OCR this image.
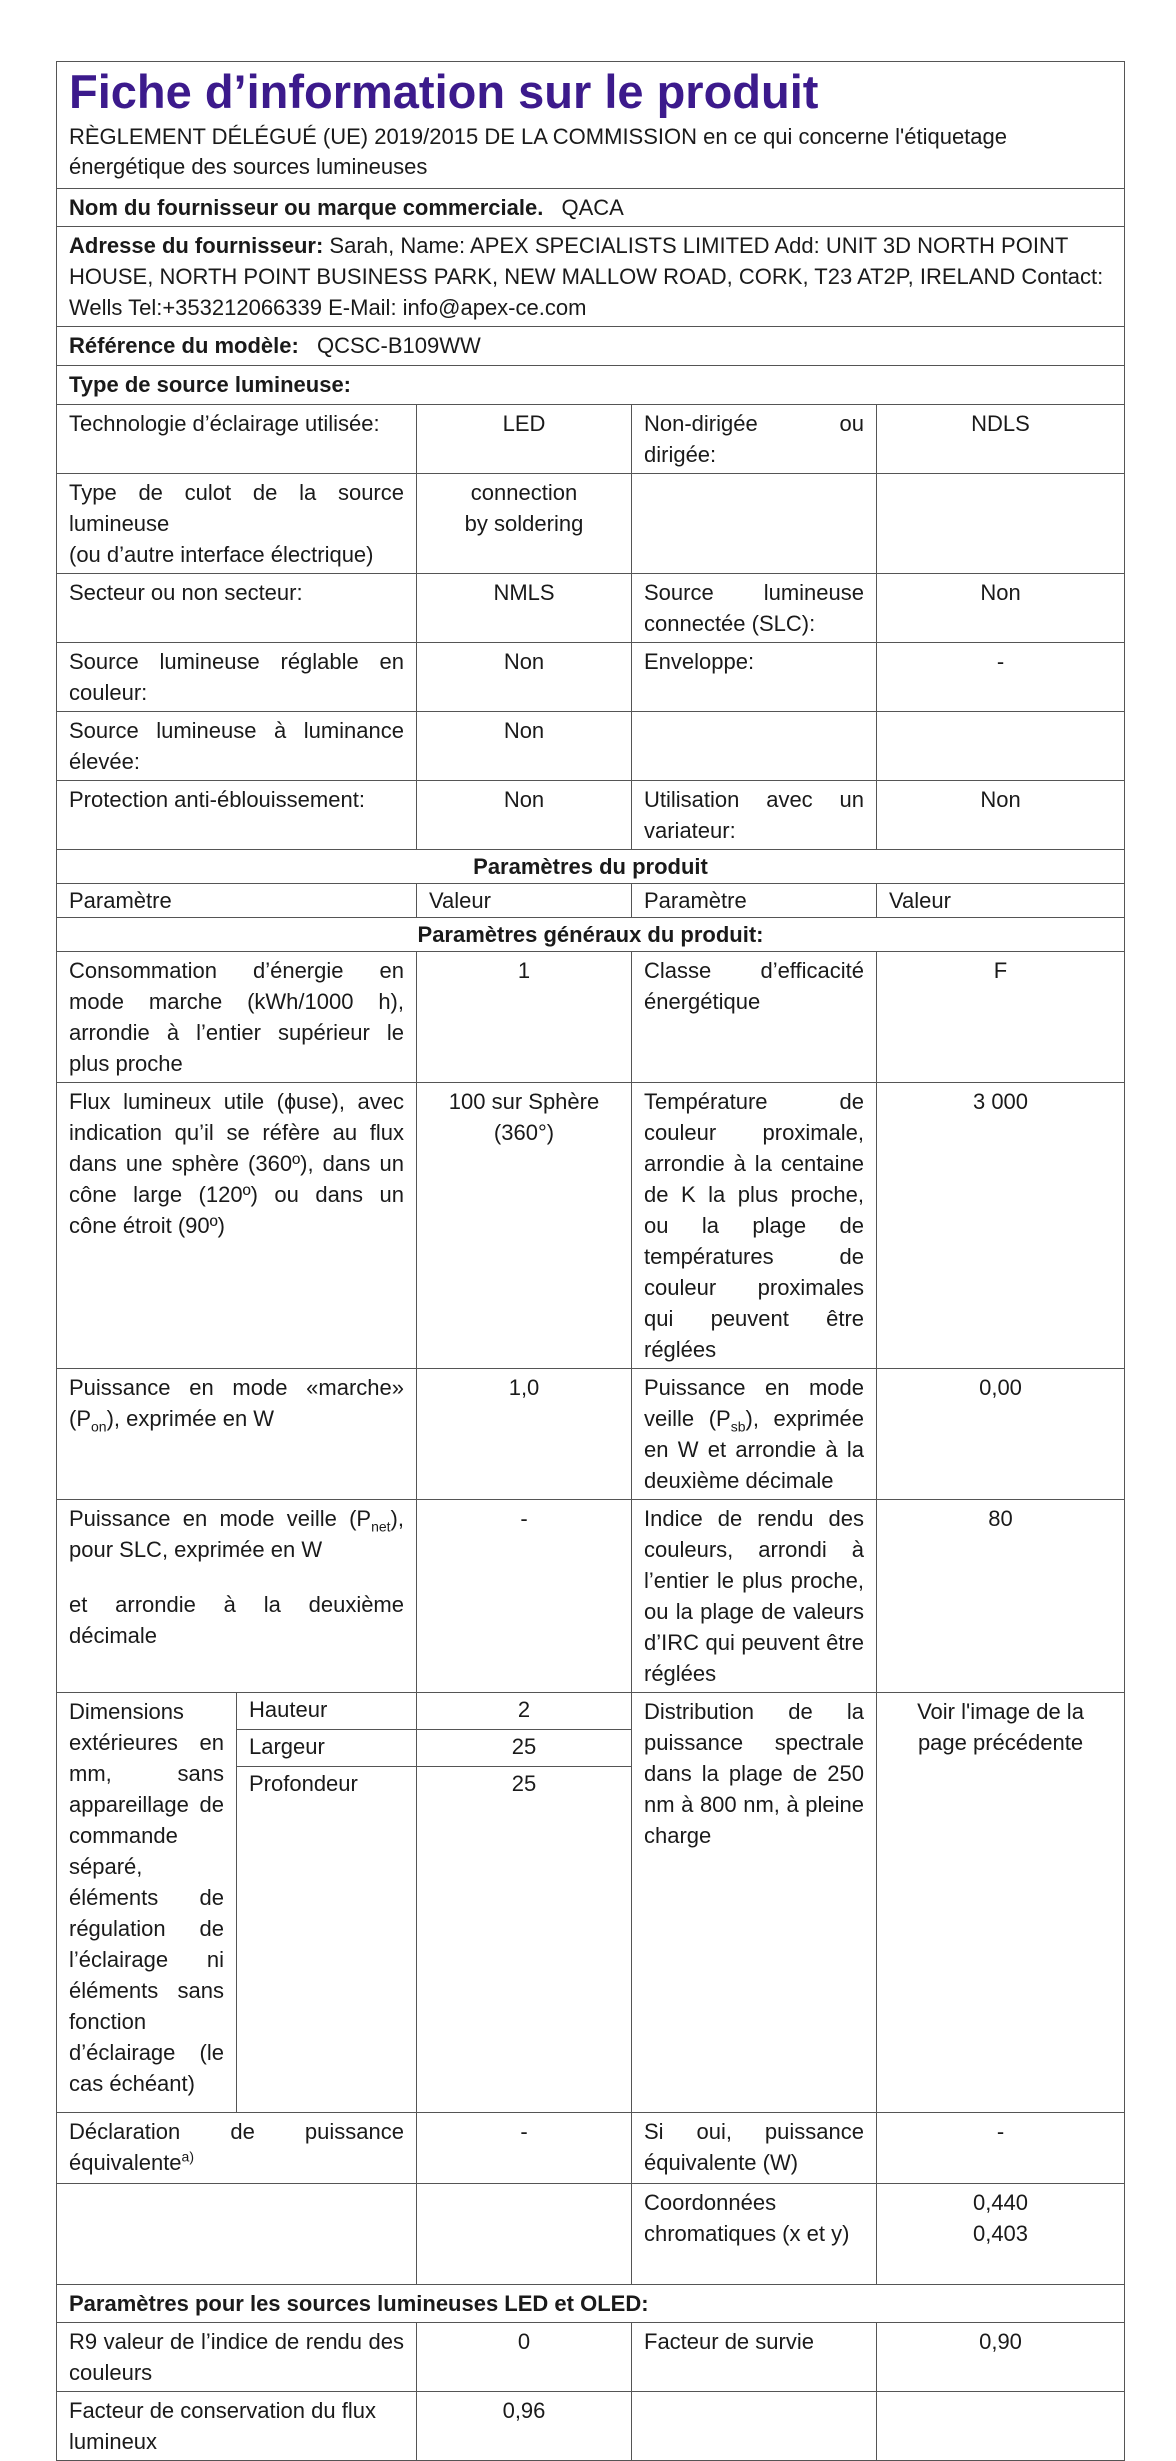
Fiche d’information sur le produit
RÈGLEMENT DÉLÉGUÉ (UE) 2019/2015 DE LA COMMISSION en ce qui concerne l'étiquetage énergétique des sources lumineuses				

Nom du fournisseur ou marque commerciale. QACA				
Adresse du fournisseur: Sarah, Name: APEX SPECIALISTS LIMITED Add: UNIT 3D NORTH POINT HOUSE, NORTH POINT BUSINESS PARK, NEW MALLOW ROAD, CORK, T23 AT2P, IRELAND Contact: Wells Tel:+353212066339 E-Mail: info@apex-ce.com				
Référence du modèle: QCSC-B109WW				
Type de source lumineuse:				
Technologie d’éclairage utilisée:		LED	Non-dirigée ou dirigée:	NDLS

Type de culot de la source lumineuse
(ou d’autre interface électrique)		connection by soldering		
Secteur ou non secteur:		NMLS	Source lumineuse connectée (SLC):	Non
Source lumineuse réglable en couleur:		Non	Enveloppe:	-
Source lumineuse à luminance élevée:		Non		
Protection anti-éblouissement:		Non	Utilisation avec un variateur:	Non
Paramètres du produit				
Paramètre		Valeur	Paramètre	Valeur
Paramètres généraux du produit:				
Consommation d’énergie en mode marche (kWh/1000 h), arrondie à l’entier supérieur le plus proche		1	Classe d’efficacité énergétique	F
Flux lumineux utile (ɸuse), avec indication qu’il se réfère au flux dans une sphère (360º), dans un cône large (120º) ou dans un cône étroit (90º)		100 sur Sphère (360°)	Température de couleur proximale, arrondie à la centaine de K la plus proche, ou la plage de températures de couleur proximales qui peuvent être réglées	3 000
Puissance en mode «marche» $(P_{on})$, exprimée en W		1,0	Puissance en mode veille $(P_{sb})$, exprimée en W et arrondie à la deuxième décimale	0,00

Puissance en mode veille $(P_{net})$, pour SLC, exprimée en W
et arrondie à la deuxième décimale		-	Indice de rendu des couleurs, arrondi à l’entier le plus proche, ou la plage de valeurs d’IRC qui peuvent être réglées	80
Dimensions extérieures en mm, sans appareillage de commande séparé, éléments de régulation de l’éclairage ni éléments sans fonction d’éclairage (le cas échéant)	Hauteur	2	Distribution de la puissance spectrale dans la plage de 250 nm à 800 nm, à pleine charge	Voir l'image de la page précédente
	Largeur	25		
	Profondeur	25		
Déclaration de puissance équivalente$^{a)}$		-	Si oui, puissance équivalente (W)	-
			Coordonnées chromatiques (x et y)	0,440
0,403

Paramètres pour les sources lumineuses LED et OLED:				
R9 valeur de l’indice de rendu des couleurs		0	Facteur de survie	0,90
Facteur de conservation du flux lumineux		0,96		
